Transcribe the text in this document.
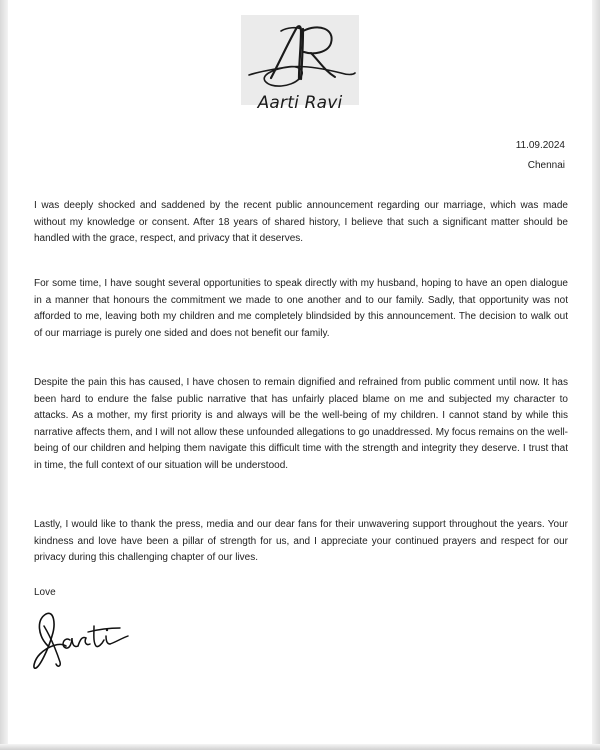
Aarti Ravi
11.09.2024
Chennai

I was deeply shocked and saddened by the recent public announcement regarding our marriage, which was made without my knowledge or consent. After 18 years of shared history, I believe that such a significant matter should be handled with the grace, respect, and privacy that it deserves.

For some time, I have sought several opportunities to speak directly with my husband, hoping to have an open dialogue in a manner that honours the commitment we made to one another and to our family. Sadly, that opportunity was not afforded to me, leaving both my children and me completely blindsided by this announcement. The decision to walk out of our marriage is purely one sided and does not benefit our family.

Despite the pain this has caused, I have chosen to remain dignified and refrained from public comment until now. It has been hard to endure the false public narrative that has unfairly placed blame on me and subjected my character to attacks. As a mother, my first priority is and always will be the well-being of my children. I cannot stand by while this narrative affects them, and I will not allow these unfounded allegations to go unaddressed. My focus remains on the well-being of our children and helping them navigate this difficult time with the strength and integrity they deserve. I trust that in time, the full context of our situation will be understood.

Lastly, I would like to thank the press, media and our dear fans for their unwavering support throughout the years. Your kindness and love have been a pillar of strength for us, and I appreciate your continued prayers and respect for our privacy during this challenging chapter of our lives.

Love
